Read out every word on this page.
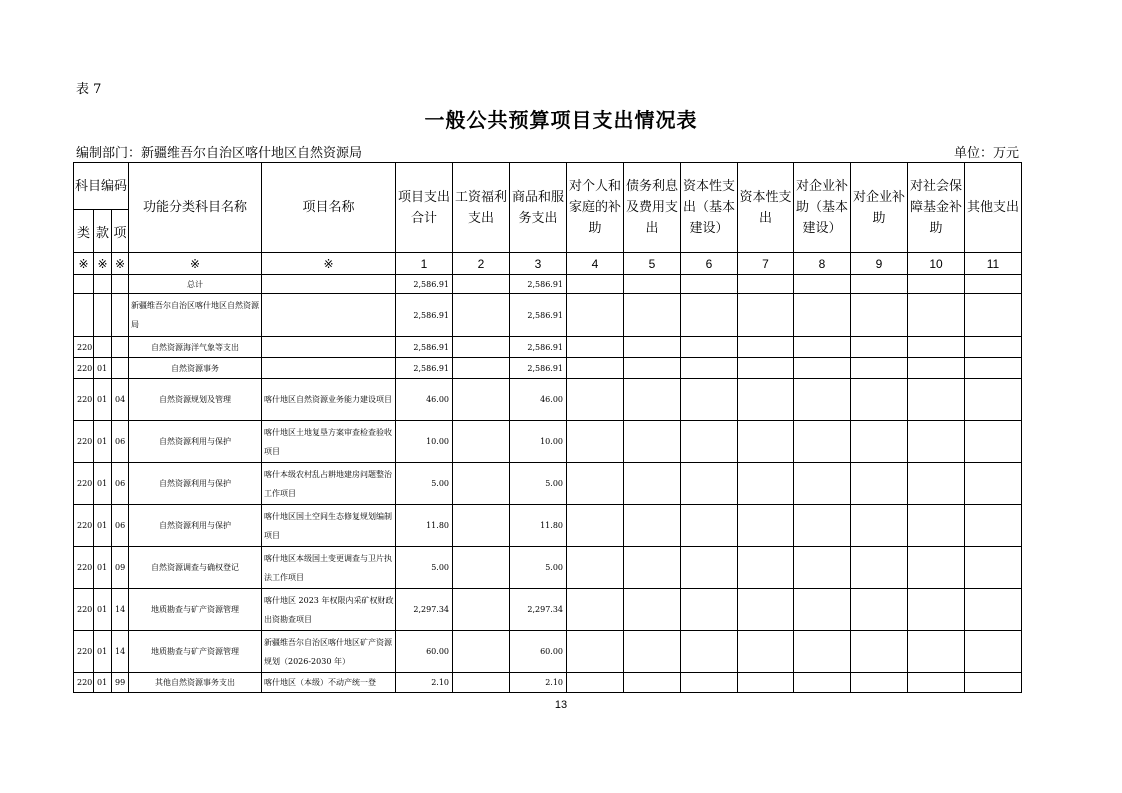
表 7
一般公共预算项目支出情况表
编制部门：新疆维吾尔自治区喀什地区自然资源局	单位：万元
科目编码			功能分类科目名称	项目名称	项目支出合计	工资福利支出	商品和服务支出	对个人和家庭的补助	债务利息及费用支出	资本性支出（基本建设）	资本性支出	对企业补助（基本建设）	对企业补助	对社会保障基金补助	其他支出
类	款	项													
※	※	※	※	※	1	2	3	4	5	6	7	8	9	10	11
			总计		2,586.91		2,586.91								
			新疆维吾尔自治区喀什地区自然资源局		2,586.91		2,586.91								
220			自然资源海洋气象等支出		2,586.91		2,586.91								
220	01		自然资源事务		2,586.91		2,586.91								
220	01	04	自然资源规划及管理	喀什地区自然资源业务能力建设项目	46.00		46.00								
220	01	06	自然资源利用与保护	喀什地区土地复垦方案审查检查验收项目	10.00		10.00								
220	01	06	自然资源利用与保护	喀什本级农村乱占耕地建房问题整治工作项目	5.00		5.00								
220	01	06	自然资源利用与保护	喀什地区国土空间生态修复规划编制项目	11.80		11.80								
220	01	09	自然资源调查与确权登记	喀什地区本级国土变更调查与卫片执法工作项目	5.00		5.00								
220	01	14	地质勘查与矿产资源管理	喀什地区 2023 年权限内采矿权财政出资勘查项目	2,297.34		2,297.34								
220	01	14	地质勘查与矿产资源管理	新疆维吾尔自治区喀什地区矿产资源规划（2026-2030 年）	60.00		60.00								
220	01	99	其他自然资源事务支出	喀什地区（本级）不动产统一登	2.10		2.10								
13
